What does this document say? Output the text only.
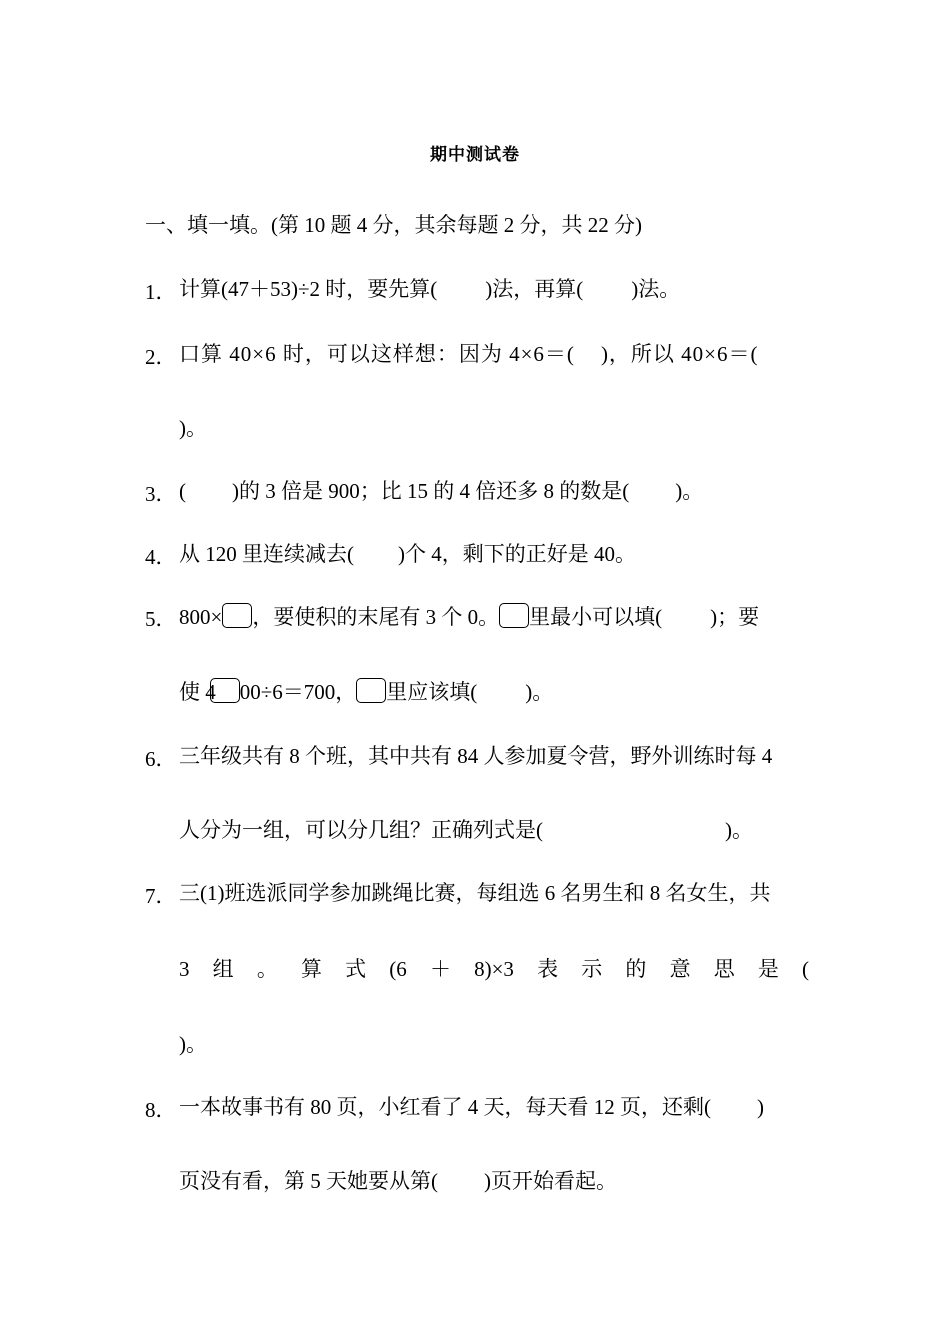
期中测试卷
一、填一填。(第 10 题 4 分，其余每题 2 分，共 22 分)
1． 计算(47＋53)÷2 时，要先算( )法，再算( )法。
2． 口算 40×6 时，可以这样想：因为 4×6＝( )，所以 40×6＝(
)。
3． ( )的 3 倍是 900；比 15 的 4 倍还多 8 的数是( )。
4． 从 120 里连续减去( )个 4，剩下的正好是 40。
5． 800× ，要使积的末尾有 3 个 0。 里最小可以填( )；要
使 4 00÷6＝700， 里应该填( )。
6． 三年级共有 8 个班，其中共有 84 人参加夏令营，野外训练时每 4
人分为一组，可以分几组？正确列式是(	)。
7． 三(1)班选派同学参加跳绳比赛，每组选 6 名男生和 8 名女生，共
3 组 。 算 式 (6 ＋ 8)×3 表 示 的 意 思 是 (
)。
8． 一本故事书有 80 页，小红看了 4 天，每天看 12 页，还剩( )
页没有看，第 5 天她要从第( )页开始看起。
